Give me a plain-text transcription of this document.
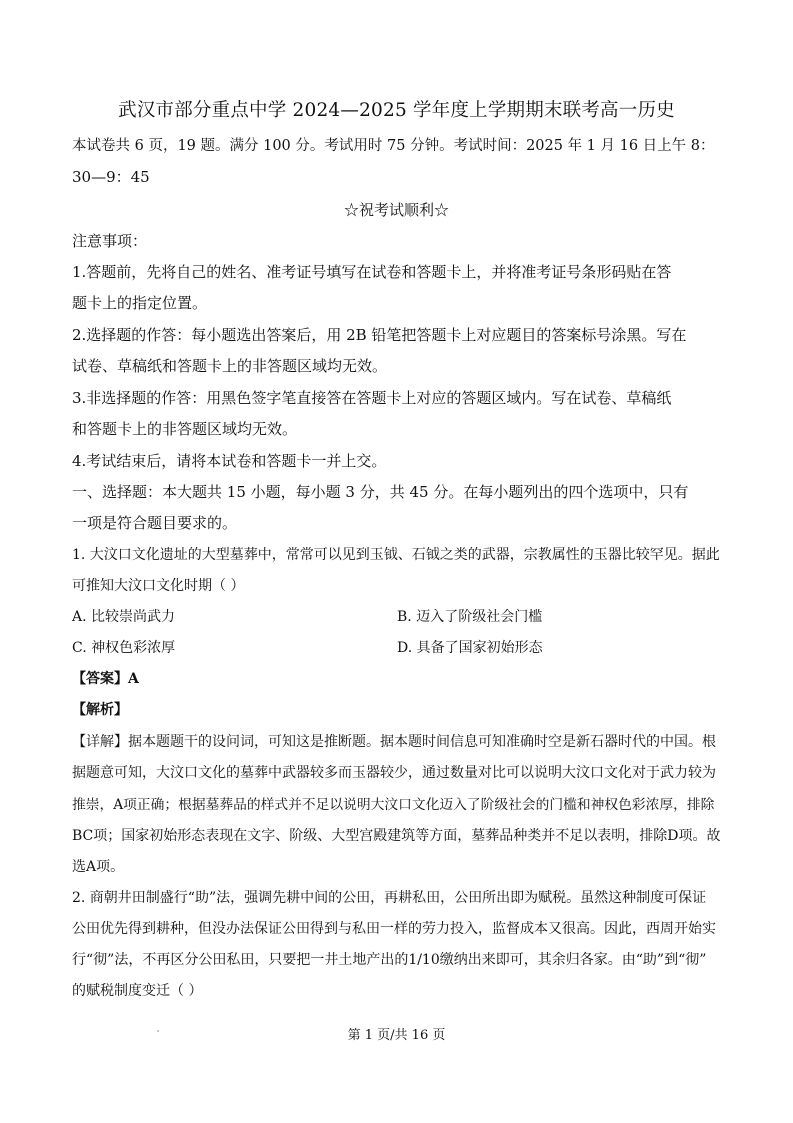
武汉市部分重点中学 2024—2025 学年度上学期期末联考高一历史
本试卷共 6 页，19 题。满分 100 分。考试用时 75 分钟。考试时间：2025 年 1 月 16 日上午 8：
30—9：45
☆祝考试顺利☆
注意事项：
1.答题前，先将自己的姓名、准考证号填写在试卷和答题卡上，并将准考证号条形码贴在答
题卡上的指定位置。
2.选择题的作答：每小题选出答案后，用 2B 铅笔把答题卡上对应题目的答案标号涂黑。写在
试卷、草稿纸和答题卡上的非答题区域均无效。
3.非选择题的作答：用黑色签字笔直接答在答题卡上对应的答题区域内。写在试卷、草稿纸
和答题卡上的非答题区域均无效。
4.考试结束后，请将本试卷和答题卡一并上交。
一、选择题：本大题共 15 小题，每小题 3 分，共 45 分。在每小题列出的四个选项中，只有
一项是符合题目要求的。
1. 大汶口文化遗址的大型墓葬中，常常可以见到玉钺、石钺之类的武器，宗教属性的玉器比较罕见。据此
可推知大汶口文化时期（ ）
A. 比较崇尚武力	B. 迈入了阶级社会门槛
C. 神权色彩浓厚	D. 具备了国家初始形态
【答案】A
【解析】
【详解】据本题题干的设问词，可知这是推断题。据本题时间信息可知准确时空是新石器时代的中国。根
据题意可知，大汶口文化的墓葬中武器较多而玉器较少，通过数量对比可以说明大汶口文化对于武力较为
推崇，A项正确；根据墓葬品的样式并不足以说明大汶口文化迈入了阶级社会的门槛和神权色彩浓厚，排除
BC项；国家初始形态表现在文字、阶级、大型宫殿建筑等方面，墓葬品种类并不足以表明，排除D项。故
选A项。
2. 商朝井田制盛行“助”法，强调先耕中间的公田，再耕私田，公田所出即为赋税。虽然这种制度可保证
公田优先得到耕种，但没办法保证公田得到与私田一样的劳力投入，监督成本又很高。因此，西周开始实
行“彻”法，不再区分公田私田，只要把一井土地产出的1/10缴纳出来即可，其余归各家。由“助”到“彻”
的赋税制度变迁（ ）
第 1 页/共 16 页
